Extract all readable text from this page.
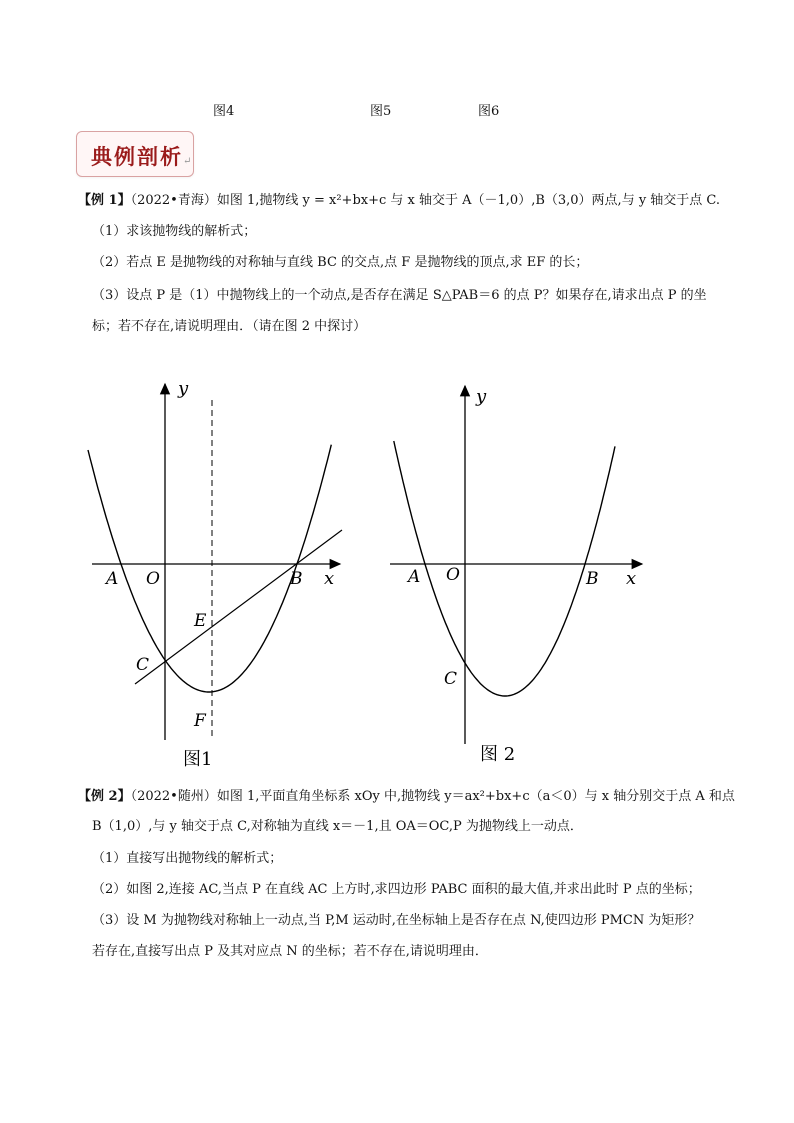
图4	图5	图6
典例剖析↵
【例 1】（2022•青海）如图 1,抛物线 y = x²+bx+c 与 x 轴交于 A（－1,0）,B（3,0）两点,与 y 轴交于点 C.
（1）求该抛物线的解析式；
（2）若点 E 是抛物线的对称轴与直线 BC 的交点,点 F 是抛物线的顶点,求 EF 的长；
（3）设点 P 是（1）中抛物线上的一个动点,是否存在满足 S△PAB＝6 的点 P？如果存在,请求出点 P 的坐
标；若不存在,请说明理由．（请在图 2 中探讨）
y
x
A O	B
C
E
F
图1
y
x
A O	B
C
图 2
【例 2】（2022•随州）如图 1,平面直角坐标系 xOy 中,抛物线 y＝ax²+bx+c（a＜0）与 x 轴分别交于点 A 和点
B（1,0）,与 y 轴交于点 C,对称轴为直线 x＝－1,且 OA＝OC,P 为抛物线上一动点．
（1）直接写出抛物线的解析式；
（2）如图 2,连接 AC,当点 P 在直线 AC 上方时,求四边形 PABC 面积的最大值,并求出此时 P 点的坐标；
（3）设 M 为抛物线对称轴上一动点,当 P,M 运动时,在坐标轴上是否存在点 N,使四边形 PMCN 为矩形？
若存在,直接写出点 P 及其对应点 N 的坐标；若不存在,请说明理由．
